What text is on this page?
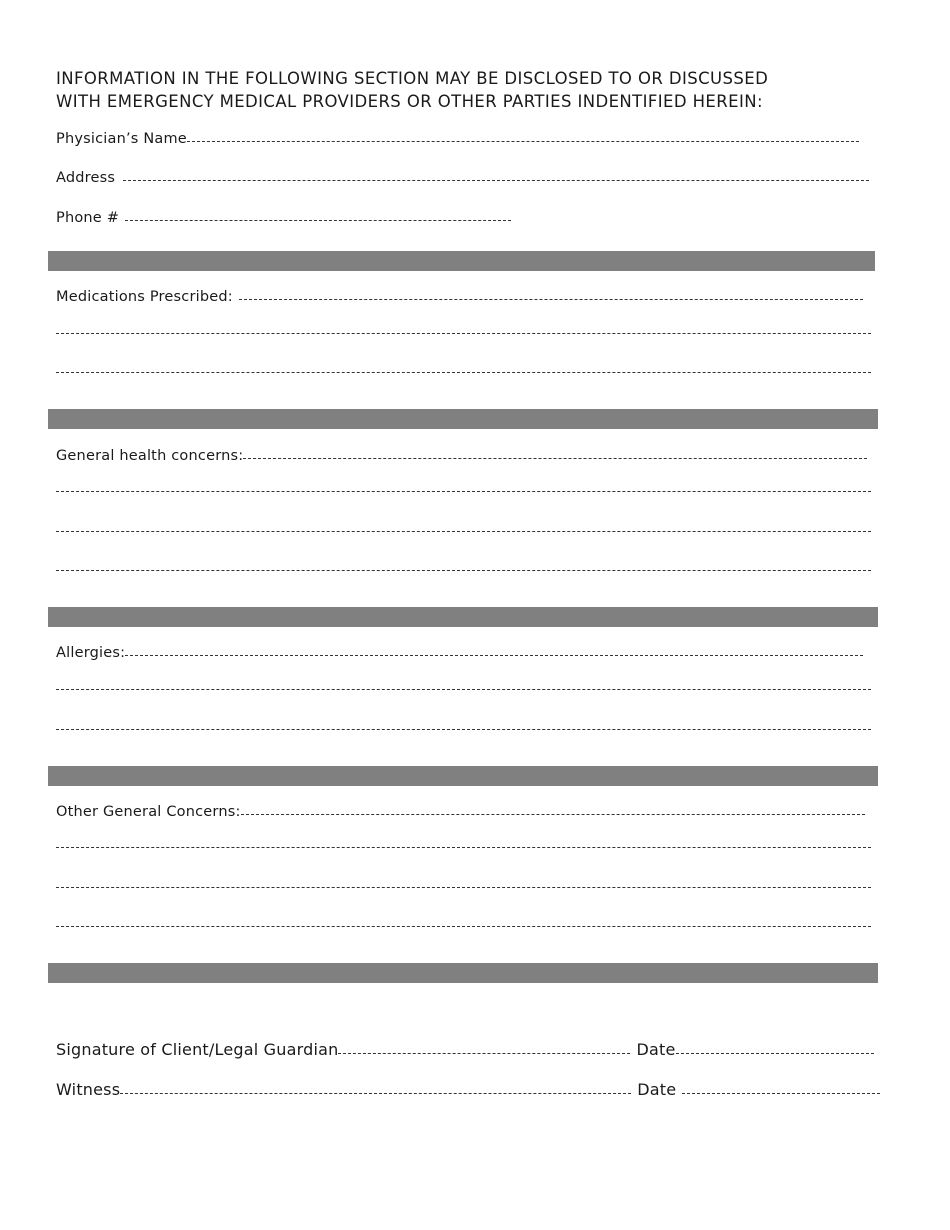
INFORMATION IN THE FOLLOWING SECTION MAY BE DISCLOSED TO OR DISCUSSED
WITH EMERGENCY MEDICAL PROVIDERS OR OTHER PARTIES INDENTIFIED HEREIN:
Physician’s Name
Address
Phone #
Medications Prescribed:
General health concerns:
Allergies:
Other General Concerns:
Signature of Client/Legal Guardian	Date
Witness	Date
